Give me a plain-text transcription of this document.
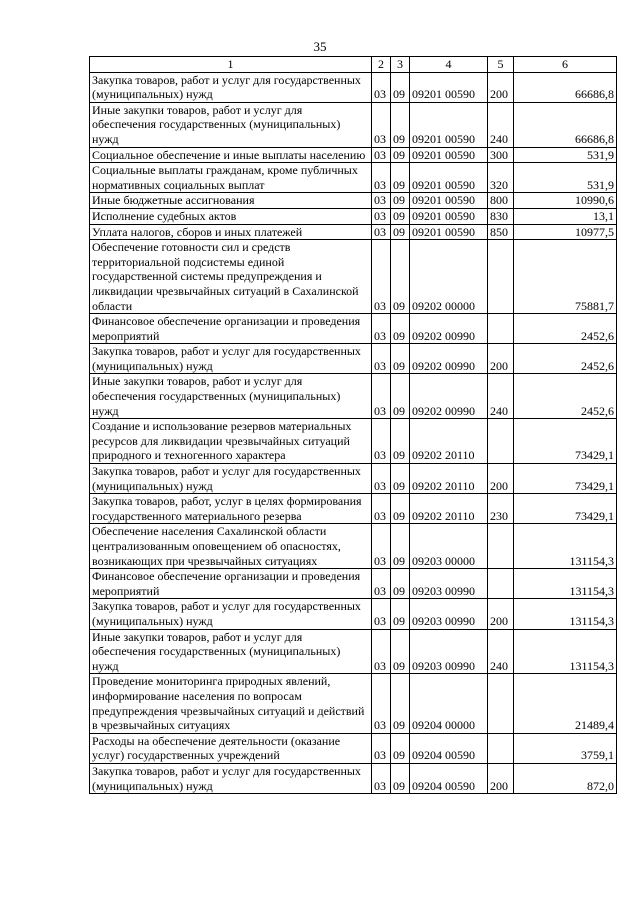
35
1	2	3	4	5	6
Закупка товаров, работ и услуг для государственных (муниципальных) нужд	03	09	09201 00590	200	66686,8
Иные закупки товаров, работ и услуг для обеспечения государственных (муниципальных) нужд	03	09	09201 00590	240	66686,8
Социальное обеспечение и иные выплаты населению	03	09	09201 00590	300	531,9
Социальные выплаты гражданам, кроме публичных нормативных социальных выплат	03	09	09201 00590	320	531,9
Иные бюджетные ассигнования	03	09	09201 00590	800	10990,6
Исполнение судебных актов	03	09	09201 00590	830	13,1
Уплата налогов, сборов и иных платежей	03	09	09201 00590	850	10977,5
Обеспечение готовности сил и средств территориальной подсистемы единой государственной системы предупреждения и ликвидации чрезвычайных ситуаций в Сахалинской области	03	09	09202 00000		75881,7
Финансовое обеспечение организации и проведения мероприятий	03	09	09202 00990		2452,6
Закупка товаров, работ и услуг для государственных (муниципальных) нужд	03	09	09202 00990	200	2452,6
Иные закупки товаров, работ и услуг для обеспечения государственных (муниципальных) нужд	03	09	09202 00990	240	2452,6
Создание и использование резервов материальных ресурсов для ликвидации чрезвычайных ситуаций природного и техногенного характера	03	09	09202 20110		73429,1
Закупка товаров, работ и услуг для государственных (муниципальных) нужд	03	09	09202 20110	200	73429,1
Закупка товаров, работ, услуг в целях формирования государственного материального резерва	03	09	09202 20110	230	73429,1
Обеспечение населения Сахалинской области централизованным оповещением об опасностях, возникающих при чрезвычайных ситуациях	03	09	09203 00000		131154,3
Финансовое обеспечение организации и проведения мероприятий	03	09	09203 00990		131154,3
Закупка товаров, работ и услуг для государственных (муниципальных) нужд	03	09	09203 00990	200	131154,3
Иные закупки товаров, работ и услуг для обеспечения государственных (муниципальных) нужд	03	09	09203 00990	240	131154,3
Проведение мониторинга природных явлений, информирование населения по вопросам предупреждения чрезвычайных ситуаций и действий в чрезвычайных ситуациях	03	09	09204 00000		21489,4
Расходы на обеспечение деятельности (оказание услуг) государственных учреждений	03	09	09204 00590		3759,1
Закупка товаров, работ и услуг для государственных (муниципальных) нужд	03	09	09204 00590	200	872,0
